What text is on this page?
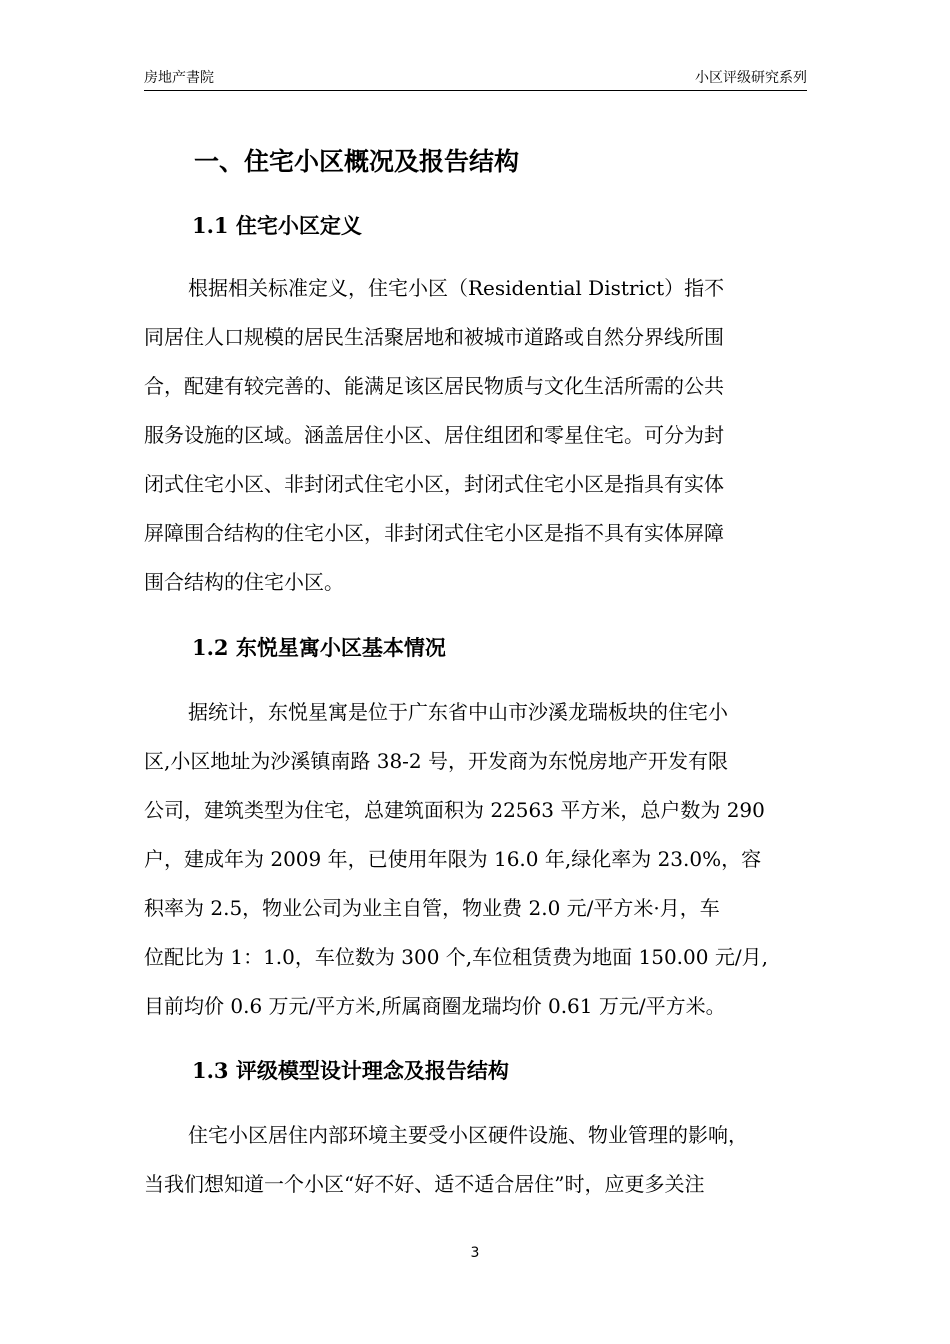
房地产書院	小区评级研究系列
一、住宅小区概况及报告结构
1.1 住宅小区定义
根据相关标准定义，住宅小区（Residential District）指不
同居住人口规模的居民生活聚居地和被城市道路或自然分界线所围
合，配建有较完善的、能满足该区居民物质与文化生活所需的公共
服务设施的区域。涵盖居住小区、居住组团和零星住宅。可分为封
闭式住宅小区、非封闭式住宅小区，封闭式住宅小区是指具有实体
屏障围合结构的住宅小区，非封闭式住宅小区是指不具有实体屏障
围合结构的住宅小区。
1.2 东悦星寓小区基本情况
据统计，东悦星寓是位于广东省中山市沙溪龙瑞板块的住宅小
区,小区地址为沙溪镇南路 38-2 号，开发商为东悦房地产开发有限
公司，建筑类型为住宅，总建筑面积为 22563 平方米，总户数为 290
户，建成年为 2009 年，已使用年限为 16.0 年,绿化率为 23.0%，容
积率为 2.5，物业公司为业主自管，物业费 2.0 元/平方米·月，车
位配比为 1：1.0，车位数为 300 个,车位租赁费为地面 150.00 元/月,
目前均价 0.6 万元/平方米,所属商圈龙瑞均价 0.61 万元/平方米。
1.3 评级模型设计理念及报告结构
住宅小区居住内部环境主要受小区硬件设施、物业管理的影响，
当我们想知道一个小区“好不好、适不适合居住”时，应更多关注
3
